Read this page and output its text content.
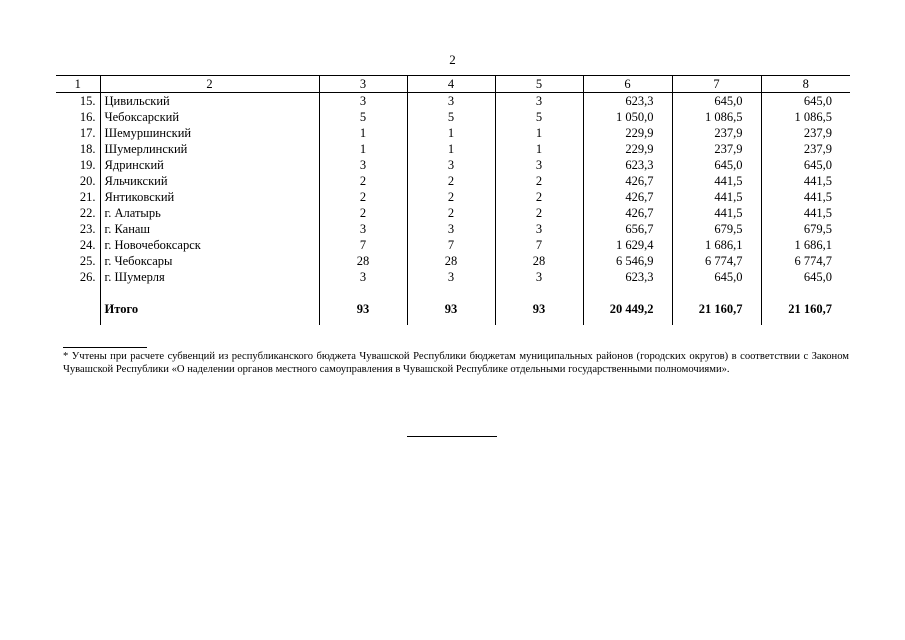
2
1	2	3	4	5	6	7	8
15.	Цивильский	3	3	3	623,3	645,0	645,0
16.	Чебоксарский	5	5	5	1 050,0	1 086,5	1 086,5
17.	Шемуршинский	1	1	1	229,9	237,9	237,9
18.	Шумерлинский	1	1	1	229,9	237,9	237,9
19.	Ядринский	3	3	3	623,3	645,0	645,0
20.	Яльчикский	2	2	2	426,7	441,5	441,5
21.	Янтиковский	2	2	2	426,7	441,5	441,5
22.	г. Алатырь	2	2	2	426,7	441,5	441,5
23.	г. Канаш	3	3	3	656,7	679,5	679,5
24.	г. Новочебоксарск	7	7	7	1 629,4	1 686,1	1 686,1
25.	г. Чебоксары	28	28	28	6 546,9	6 774,7	6 774,7
26.	г. Шумерля	3	3	3	623,3	645,0	645,0
	Итого	93	93	93	20 449,2	21 160,7	21 160,7
* Учтены при расчете субвенций из республиканского бюджета Чувашской Республики бюджетам муниципальных районов (городских округов) в соответствии с Законом Чувашской Республики «О наделении органов местного самоуправления в Чувашской Республике отдельными государственными полномочиями».
